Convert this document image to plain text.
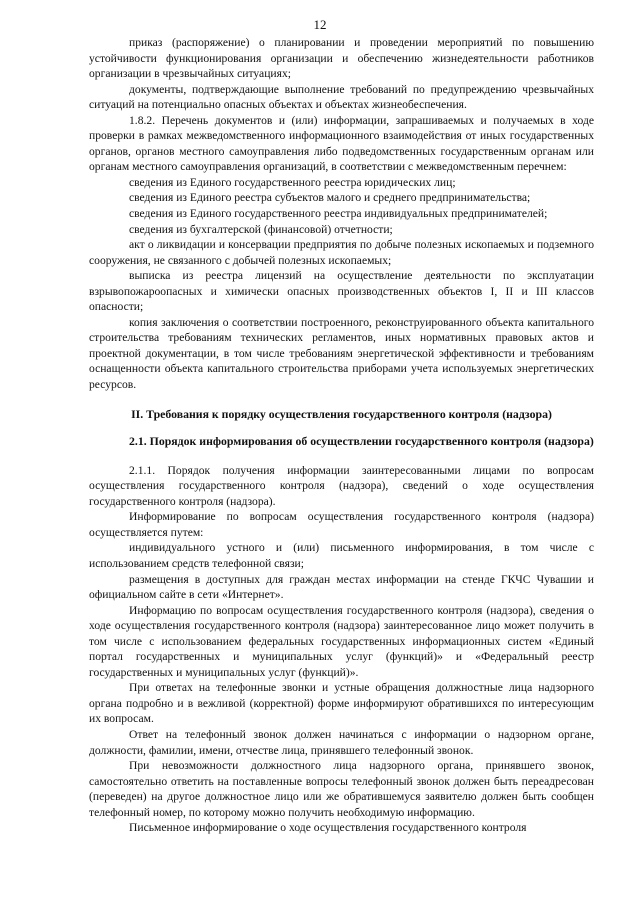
12

приказ (распоряжение) о планировании и проведении мероприятий по повышению устойчивости функционирования организации и обеспечению жизнедеятельности работников организации в чрезвычайных ситуациях;

документы, подтверждающие выполнение требований по предупреждению чрезвычайных ситуаций на потенциально опасных объектах и объектах жизнеобеспечения.

1.8.2. Перечень документов и (или) информации, запрашиваемых и получаемых в ходе проверки в рамках межведомственного информационного взаимодействия от иных государственных органов, органов местного самоуправления либо подведомственных государственным органам или органам местного самоуправления организаций, в соответствии с межведомственным перечнем:

сведения из Единого государственного реестра юридических лиц;

сведения из Единого реестра субъектов малого и среднего предпринимательства;

сведения из Единого государственного реестра индивидуальных предпринимателей;

сведения из бухгалтерской (финансовой) отчетности;

акт о ликвидации и консервации предприятия по добыче полезных ископаемых и подземного сооружения, не связанного с добычей полезных ископаемых;

выписка из реестра лицензий на осуществление деятельности по эксплуатации взрывопожароопасных и химически опасных производственных объектов I, II и III классов опасности;

копия заключения о соответствии построенного, реконструированного объекта капитального строительства требованиям технических регламентов, иных нормативных правовых актов и проектной документации, в том числе требованиям энергетической эффективности и требованиям оснащенности объекта капитального строительства приборами учета используемых энергетических ресурсов.

II. Требования к порядку осуществления государственного контроля (надзора)
2.1. Порядок информирования об осуществлении государственного контроля (надзора)

2.1.1. Порядок получения информации заинтересованными лицами по вопросам осуществления государственного контроля (надзора), сведений о ходе осуществления государственного контроля (надзора).

Информирование по вопросам осуществления государственного контроля (надзора) осуществляется путем:

индивидуального устного и (или) письменного информирования, в том числе с использованием средств телефонной связи;

размещения в доступных для граждан местах информации на стенде ГКЧС Чувашии и официальном сайте в сети «Интернет».

Информацию по вопросам осуществления государственного контроля (надзора), сведения о ходе осуществления государственного контроля (надзора) заинтересованное лицо может получить в том числе с использованием федеральных государственных информационных систем «Единый портал государственных и муниципальных услуг (функций)» и «Федеральный реестр государственных и муниципальных услуг (функций)».

При ответах на телефонные звонки и устные обращения должностные лица надзорного органа подробно и в вежливой (корректной) форме информируют обратившихся по интересующим их вопросам.

Ответ на телефонный звонок должен начинаться с информации о надзорном органе, должности, фамилии, имени, отчестве лица, принявшего телефонный звонок.

При невозможности должностного лица надзорного органа, принявшего звонок, самостоятельно ответить на поставленные вопросы телефонный звонок должен быть переадресован (переведен) на другое должностное лицо или же обратившемуся заявителю должен быть сообщен телефонный номер, по которому можно получить необходимую информацию.

Письменное информирование о ходе осуществления государственного контроля
